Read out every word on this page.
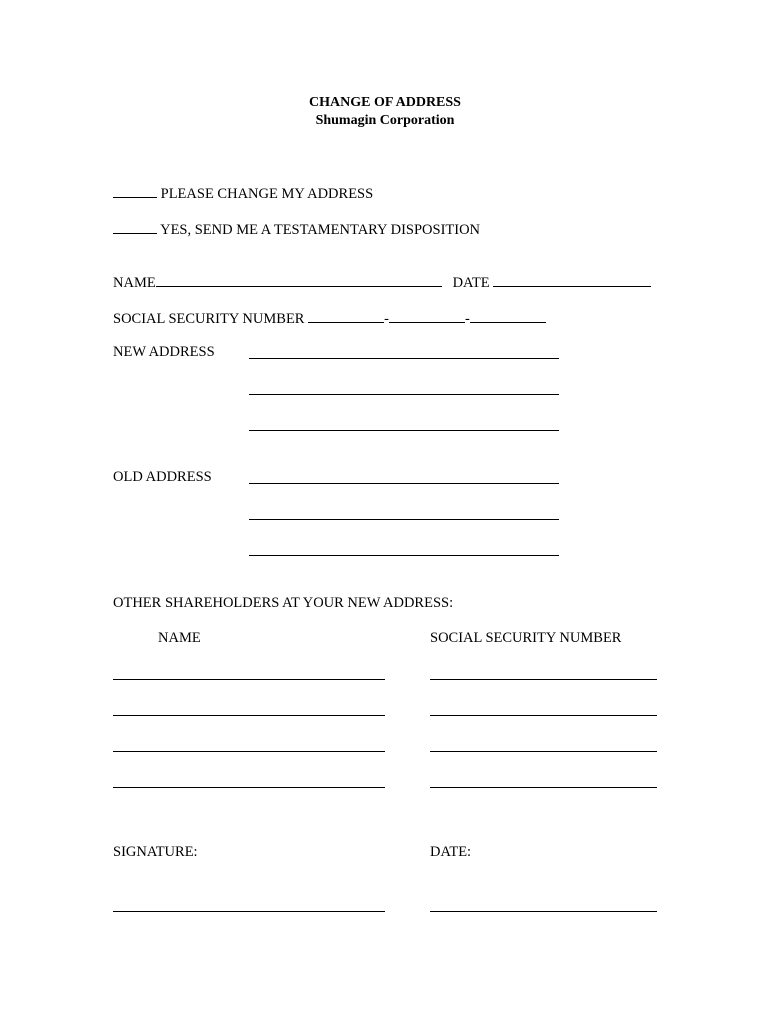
CHANGE OF ADDRESS
Shumagin Corporation
PLEASE CHANGE MY ADDRESS
YES, SEND ME A TESTAMENTARY DISPOSITION
NAME	DATE
SOCIAL SECURITY NUMBER	-	-
NEW ADDRESS
OLD ADDRESS
OTHER SHAREHOLDERS AT YOUR NEW ADDRESS:
NAME	SOCIAL SECURITY NUMBER
SIGNATURE:	DATE:
